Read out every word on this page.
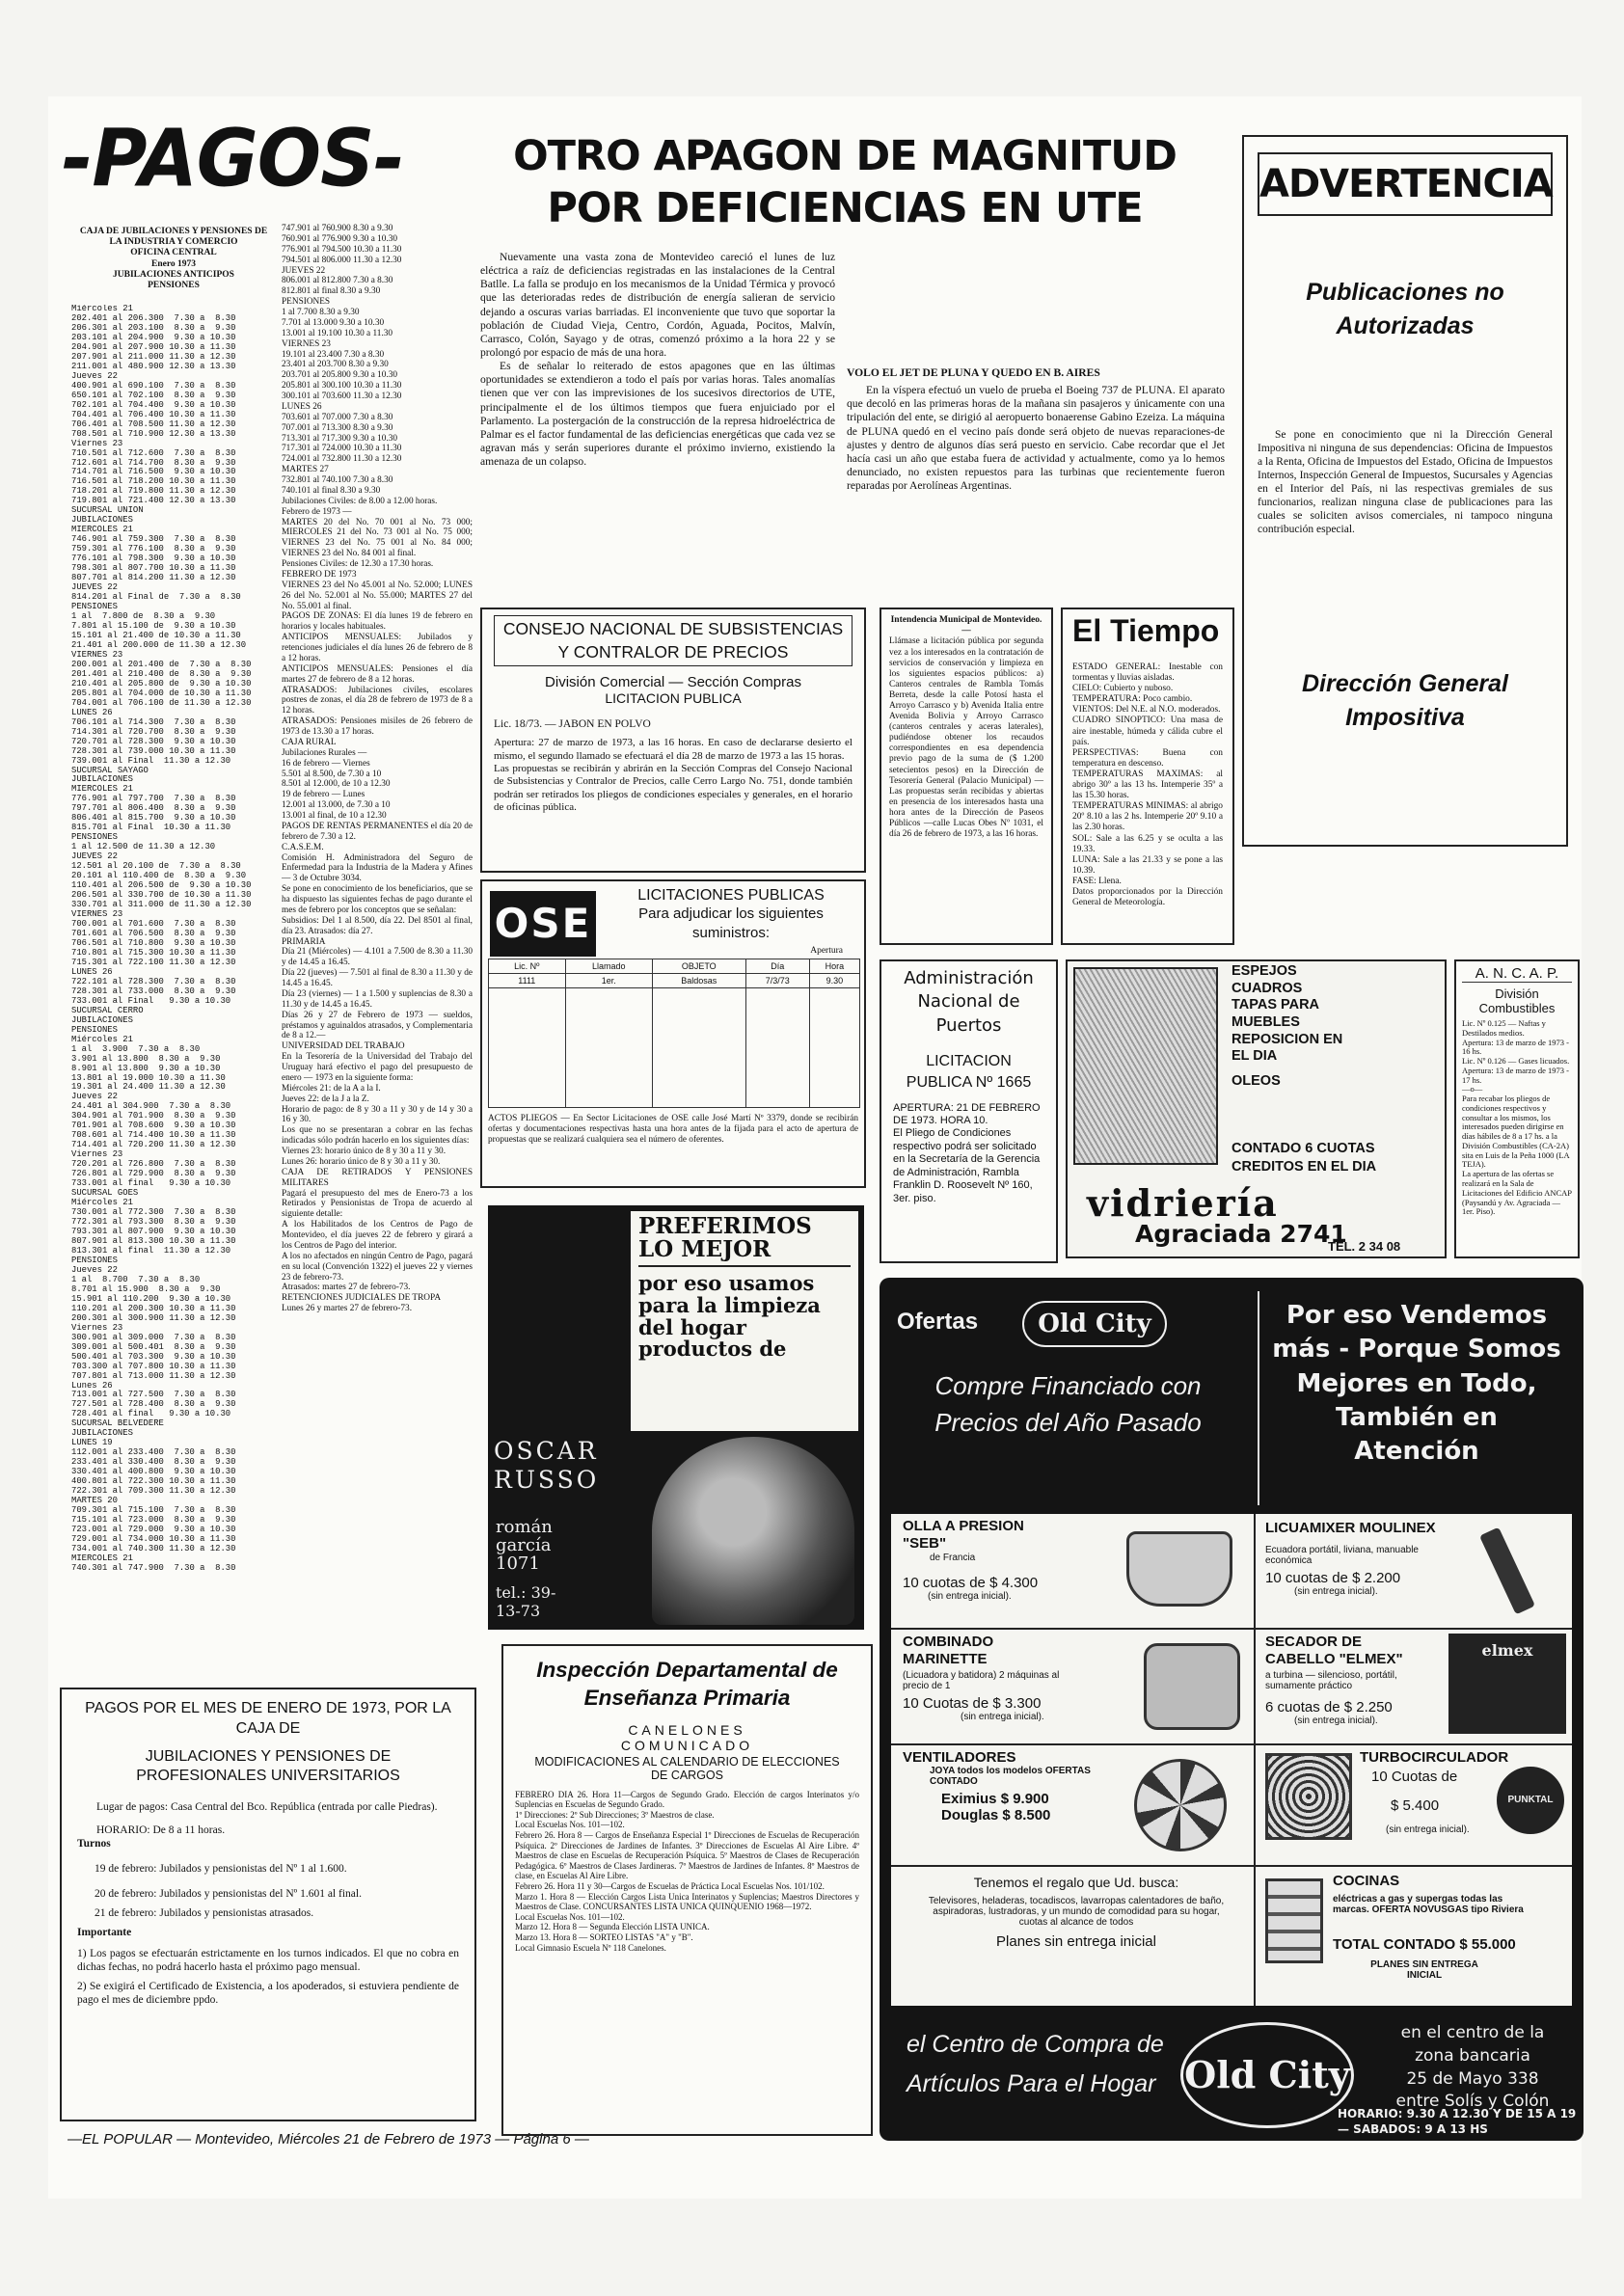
-PAGOS-
CAJA DE JUBILACIONES Y PENSIONES DE LA INDUSTRIA Y COMERCIO
OFICINA CENTRAL
Enero 1973
JUBILACIONES ANTICIPOS
PENSIONES
Miércoles 21
202.401 al 206.300  7.30 a  8.30
206.301 al 203.100  8.30 a  9.30
203.101 al 204.900  9.30 a 10.30
204.901 al 207.900 10.30 a 11.30
207.901 al 211.000 11.30 a 12.30
211.001 al 480.900 12.30 a 13.30
Jueves 22
400.901 al 690.100  7.30 a  8.30
650.101 al 702.100  8.30 a  9.30
702.101 al 704.400  9.30 a 10.30
704.401 al 706.400 10.30 a 11.30
706.401 al 708.500 11.30 a 12.30
708.501 al 710.900 12.30 a 13.30
Viernes 23
710.501 al 712.600  7.30 a  8.30
712.601 al 714.700  8.30 a  9.30
714.701 al 716.500  9.30 a 10.30
716.501 al 718.200 10.30 a 11.30
718.201 al 719.800 11.30 a 12.30
719.801 al 721.400 12.30 a 13.30
SUCURSAL UNION
JUBILACIONES
MIERCOLES 21
746.901 al 759.300  7.30 a  8.30
759.301 al 776.100  8.30 a  9.30
776.101 al 798.300  9.30 a 10.30
798.301 al 807.700 10.30 a 11.30
807.701 al 814.200 11.30 a 12.30
JUEVES 22
814.201 al Final de  7.30 a  8.30
PENSIONES
1 al  7.800 de  8.30 a  9.30
7.801 al 15.100 de  9.30 a 10.30
15.101 al 21.400 de 10.30 a 11.30
21.401 al 200.000 de 11.30 a 12.30
VIERNES 23
200.001 al 201.400 de  7.30 a  8.30
201.401 al 210.400 de  8.30 a  9.30
210.401 al 205.800 de  9.30 a 10.30
205.801 al 704.000 de 10.30 a 11.30
704.001 al 706.100 de 11.30 a 12.30
LUNES 26
706.101 al 714.300  7.30 a  8.30
714.301 al 720.700  8.30 a  9.30
720.701 al 728.300  9.30 a 10.30
728.301 al 739.000 10.30 a 11.30
739.001 al Final  11.30 a 12.30
SUCURSAL SAYAGO
JUBILACIONES
MIERCOLES 21
776.901 al 797.700  7.30 a  8.30
797.701 al 806.400  8.30 a  9.30
806.401 al 815.700  9.30 a 10.30
815.701 al Final  10.30 a 11.30
PENSIONES
1 al 12.500 de 11.30 a 12.30
JUEVES 22
12.501 al 20.100 de  7.30 a  8.30
20.101 al 110.400 de  8.30 a  9.30
110.401 al 206.500 de  9.30 a 10.30
206.501 al 330.700 de 10.30 a 11.30
330.701 al 311.000 de 11.30 a 12.30
VIERNES 23
700.001 al 701.600  7.30 a  8.30
701.601 al 706.500  8.30 a  9.30
706.501 al 710.800  9.30 a 10.30
710.801 al 715.300 10.30 a 11.30
715.301 al 722.100 11.30 a 12.30
LUNES 26
722.101 al 728.300  7.30 a  8.30
728.301 al 733.000  8.30 a  9.30
733.001 al Final   9.30 a 10.30
SUCURSAL CERRO
JUBILACIONES
PENSIONES
Miércoles 21
1 al  3.900  7.30 a  8.30
3.901 al 13.800  8.30 a  9.30
8.901 al 13.800  9.30 a 10.30
13.801 al 19.000 10.30 a 11.30
19.301 al 24.400 11.30 a 12.30
Jueves 22
24.401 al 304.900  7.30 a  8.30
304.901 al 701.900  8.30 a  9.30
701.901 al 708.600  9.30 a 10.30
708.601 al 714.400 10.30 a 11.30
714.401 al 720.200 11.30 a 12.30
Viernes 23
720.201 al 726.800  7.30 a  8.30
726.801 al 729.900  8.30 a  9.30
733.001 al final   9.30 a 10.30
SUCURSAL GOES
Miércoles 21
730.001 al 772.300  7.30 a  8.30
772.301 al 793.300  8.30 a  9.30
793.301 al 807.900  9.30 a 10.30
807.901 al 813.300 10.30 a 11.30
813.301 al final  11.30 a 12.30
PENSIONES
Jueves 22
1 al  8.700  7.30 a  8.30
8.701 al 15.900  8.30 a  9.30
15.901 al 110.200  9.30 a 10.30
110.201 al 200.300 10.30 a 11.30
200.301 al 300.900 11.30 a 12.30
Viernes 23
300.901 al 309.000  7.30 a  8.30
309.001 al 500.401  8.30 a  9.30
500.401 al 703.300  9.30 a 10.30
703.300 al 707.800 10.30 a 11.30
707.801 al 713.000 11.30 a 12.30
Lunes 26
713.001 al 727.500  7.30 a  8.30
727.501 al 728.400  8.30 a  9.30
728.401 al final   9.30 a 10.30
SUCURSAL BELVEDERE
JUBILACIONES
LUNES 19
112.001 al 233.400  7.30 a  8.30
233.401 al 330.400  8.30 a  9.30
330.401 al 400.800  9.30 a 10.30
400.801 al 722.300 10.30 a 11.30
722.301 al 709.300 11.30 a 12.30
MARTES 20
709.301 al 715.100  7.30 a  8.30
715.101 al 723.000  8.30 a  9.30
723.001 al 729.000  9.30 a 10.30
729.001 al 734.000 10.30 a 11.30
734.001 al 740.300 11.30 a 12.30
MIERCOLES 21
740.301 al 747.900  7.30 a  8.30
747.901 al 760.900 8.30 a 9.30
760.901 al 776.900 9.30 a 10.30
776.901 al 794.500 10.30 a 11.30
794.501 al 806.000 11.30 a 12.30
JUEVES 22
806.001 al 812.800 7.30 a 8.30
812.801 al final 8.30 a 9.30
PENSIONES
1 al 7.700 8.30 a 9.30
7.701 al 13.000 9.30 a 10.30
13.001 al 19.100 10.30 a 11.30
VIERNES 23
19.101 al 23.400 7.30 a 8.30
23.401 al 203.700 8.30 a 9.30
203.701 al 205.800 9.30 a 10.30
205.801 al 300.100 10.30 a 11.30
300.101 al 703.600 11.30 a 12.30
LUNES 26
703.601 al 707.000 7.30 a 8.30
707.001 al 713.300 8.30 a 9.30
713.301 al 717.300 9.30 a 10.30
717.301 al 724.000 10.30 a 11.30
724.001 al 732.800 11.30 a 12.30
MARTES 27
732.801 al 740.100 7.30 a 8.30
740.101 al final 8.30 a 9.30
Jubilaciones Civiles: de 8.00 a 12.00 horas.
Febrero de 1973 —
MARTES 20 del No. 70 001 al No. 73 000; MIERCOLES 21 del No. 73 001 al No. 75 000; VIERNES 23 del No. 75 001 al No. 84 000; VIERNES 23 del No. 84 001 al final.
Pensiones Civiles: de 12.30 a 17.30 horas.
FEBRERO DE 1973
VIERNES 23 del No 45.001 al No. 52.000; LUNES 26 del No. 52.001 al No. 55.000; MARTES 27 del No. 55.001 al final.
PAGOS DE ZONAS: El día lunes 19 de febrero en horarios y locales habituales.
ANTICIPOS MENSUALES: Jubilados y retenciones judiciales el día lunes 26 de febrero de 8 a 12 horas.
ANTICIPOS MENSUALES: Pensiones el día martes 27 de febrero de 8 a 12 horas.
ATRASADOS: Jubilaciones civiles, escolares postres de zonas, el día 28 de febrero de 1973 de 8 a 12 horas.
ATRASADOS: Pensiones misiles de 26 febrero de 1973 de 13.30 a 17 horas.
CAJA RURAL
Jubilaciones Rurales —
16 de febrero — Viernes
5.501 al 8.500, de 7.30 a 10
8.501 al 12.000, de 10 a 12.30
19 de febrero — Lunes
12.001 al 13.000, de 7.30 a 10
13.001 al final, de 10 a 12.30
PAGOS DE RENTAS PERMANENTES el día 20 de febrero de 7.30 a 12.
C.A.S.E.M.
Comisión H. Administradora del Seguro de Enfermedad para la Industria de la Madera y Afines — 3 de Octubre 3034.
Se pone en conocimiento de los beneficiarios, que se ha dispuesto las siguientes fechas de pago durante el mes de febrero por los conceptos que se señalan:
Subsidios: Del 1 al 8.500, día 22. Del 8501 al final, día 23. Atrasados: día 27.
PRIMARIA
Día 21 (Miércoles) — 4.101 a 7.500 de 8.30 a 11.30 y de 14.45 a 16.45.
Día 22 (jueves) — 7.501 al final de 8.30 a 11.30 y de 14.45 a 16.45.
Día 23 (viernes) — 1 a 1.500 y suplencias de 8.30 a 11.30 y de 14.45 a 16.45.
Días 26 y 27 de Febrero de 1973 — sueldos, préstamos y aguinaldos atrasados, y Complementaria de 8 a 12.—
UNIVERSIDAD DEL TRABAJO
En la Tesorería de la Universidad del Trabajo del Uruguay hará efectivo el pago del presupuesto de enero — 1973 en la siguiente forma:
Miércoles 21: de la A a la I.
Jueves 22: de la J a la Z.
Horario de pago: de 8 y 30 a 11 y 30 y de 14 y 30 a 16 y 30.
Los que no se presentaran a cobrar en las fechas indicadas sólo podrán hacerlo en los siguientes días:
Viernes 23: horario único de 8 y 30 a 11 y 30.
Lunes 26: horario único de 8 y 30 a 11 y 30.
CAJA DE RETIRADOS Y PENSIONES MILITARES
Pagará el presupuesto del mes de Enero-73 a los Retirados y Pensionistas de Tropa de acuerdo al siguiente detalle:
A los Habilitados de los Centros de Pago de Montevideo, el día jueves 22 de febrero y girará a los Centros de Pago del interior.
A los no afectados en ningún Centro de Pago, pagará en su local (Convención 1322) el jueves 22 y viernes 23 de febrero-73.
Atrasados: martes 27 de febrero-73.
RETENCIONES JUDICIALES DE TROPA
Lunes 26 y martes 27 de febrero-73.
PAGOS POR EL MES DE ENERO DE 1973, POR LA CAJA DE
JUBILACIONES Y PENSIONES DE PROFESIONALES UNIVERSITARIOS
Lugar de pagos: Casa Central del Bco. República (entrada por calle Piedras).
HORARIO: De 8 a 11 horas.
Turnos
19 de febrero: Jubilados y pensionistas del Nº 1 al 1.600.
20 de febrero: Jubilados y pensionistas del Nº 1.601 al final.
21 de febrero: Jubilados y pensionistas atrasados.
Importante
1) Los pagos se efectuarán estrictamente en los turnos indicados. El que no cobra en dichas fechas, no podrá hacerlo hasta el próximo pago mensual.
2) Se exigirá el Certificado de Existencia, a los apoderados, si estuviera pendiente de pago el mes de diciembre ppdo.
—EL POPULAR — Montevideo, Miércoles 21 de Febrero de 1973 — Página 6 —
OTRO APAGON DE MAGNITUD
POR DEFICIENCIAS EN UTE

Nuevamente una vasta zona de Montevideo careció el lunes de luz eléctrica a raíz de deficiencias registradas en las instalaciones de la Central Batlle. La falla se produjo en los mecanismos de la Unidad Térmica y provocó que las deterioradas redes de distribución de energía salieran de servicio dejando a oscuras varias barriadas. El inconveniente que tuvo que soportar la población de Ciudad Vieja, Centro, Cordón, Aguada, Pocitos, Malvín, Carrasco, Colón, Sayago y de otras, comenzó próximo a la hora 22 y se prolongó por espacio de más de una hora.

Es de señalar lo reiterado de estos apagones que en las últimas oportunidades se extendieron a todo el país por varias horas. Tales anomalías tienen que ver con las imprevisiones de los sucesivos directorios de UTE, principalmente el de los últimos tiempos que fuera enjuiciado por el Parlamento. La postergación de la construcción de la represa hidroeléctrica de Palmar es el factor fundamental de las deficiencias energéticas que cada vez se agravan más y serán superiores durante el próximo invierno, existiendo la amenaza de un colapso.

VOLO EL JET DE PLUNA Y QUEDO EN B. AIRES

En la víspera efectuó un vuelo de prueba el Boeing 737 de PLUNA. El aparato que decoló en las primeras horas de la mañana sin pasajeros y únicamente con una tripulación del ente, se dirigió al aeropuerto bonaerense Gabino Ezeiza. La máquina de PLUNA quedó en el vecino país donde será objeto de nuevas reparaciones-de ajustes y dentro de algunos días será puesto en servicio. Cabe recordar que el Jet hacía casi un año que estaba fuera de actividad y actualmente, como ya lo hemos denunciado, no existen repuestos para las turbinas que recientemente fueron reparadas por Aerolíneas Argentinas.

ADVERTENCIA
Publicaciones no Autorizadas
Se pone en conocimiento que ni la Dirección General Impositiva ni ninguna de sus dependencias: Oficina de Impuestos a la Renta, Oficina de Impuestos del Estado, Oficina de Impuestos Internos, Inspección General de Impuestos, Sucursales y Agencias en el Interior del País, ni las respectivas gremiales de sus funcionarios, realizan ninguna clase de publicaciones para las cuales se soliciten avisos comerciales, ni tampoco ninguna contribución especial.
Dirección General Impositiva
CONSEJO NACIONAL DE SUBSISTENCIAS Y CONTRALOR DE PRECIOS
División Comercial — Sección Compras
LICITACION PUBLICA
Lic. 18/73. — JABON EN POLVO
Apertura: 27 de marzo de 1973, a las 16 horas. En caso de declararse desierto el mismo, el segundo llamado se efectuará el día 28 de marzo de 1973 a las 15 horas.
Las propuestas se recibirán y abrirán en la Sección Compras del Consejo Nacional de Subsistencias y Contralor de Precios, calle Cerro Largo No. 751, donde también podrán ser retirados los pliegos de condiciones especiales y generales, en el horario de oficinas pública.
Intendencia Municipal de Montevideo.—
Llámase a licitación pública por segunda vez a los interesados en la contratación de servicios de conservación y limpieza en los siguientes espacios públicos: a) Canteros centrales de Rambla Tomás Berreta, desde la calle Potosí hasta el Arroyo Carrasco y b) Avenida Italia entre Avenida Bolivia y Arroyo Carrasco (canteros centrales y aceras laterales), pudiéndose obtener los recaudos correspondientes en esa dependencia previo pago de la suma de ($ 1.200 setecientos pesos) en la Dirección de Tesorería General (Palacio Municipal) — Las propuestas serán recibidas y abiertas en presencia de los interesados hasta una hora antes de la Dirección de Paseos Públicos —calle Lucas Obes Nº 1031, el día 26 de febrero de 1973, a las 16 horas.
El Tiempo
ESTADO GENERAL: Inestable con tormentas y lluvias aisladas.
CIELO: Cubierto y nuboso.
TEMPERATURA: Poco cambio.
VIENTOS: Del N.E. al N.O. moderados.
CUADRO SINOPTICO: Una masa de aire inestable, húmeda y cálida cubre el país.
PERSPECTIVAS: Buena con temperatura en descenso.
TEMPERATURAS MAXIMAS: al abrigo 30º a las 13 hs. Intemperie 35º a las 15.30 horas.
TEMPERATURAS MINIMAS: al abrigo 20º 8.10 a las 2 hs. Intemperie 20º 9.10 a las 2.30 horas.
SOL: Sale a las 6.25 y se oculta a las 19.33.
LUNA: Sale a las 21.33 y se pone a las 10.39.
FASE: Llena.
Datos proporcionados por la Dirección General de Meteorología.
OSE
LICITACIONES PUBLICAS
Para adjudicar los siguientes suministros:
Apertura
Lic. Nº	Llamado	OBJETO	Día	Hora
1111	1er.	Baldosas	7/3/73	9.30

ACTOS PLIEGOS — En Sector Licitaciones de OSE calle José Martí Nº 3379, donde se recibirán ofertas y documentaciones respectivas hasta una hora antes de la fijada para el acto de apertura de propuestas que se realizará cualquiera sea el número de oferentes.
Administración Nacional de Puertos
LICITACION PUBLICA Nº 1665
APERTURA: 21 DE FEBRERO DE 1973. HORA 10.
El Pliego de Condiciones respectivo podrá ser solicitado en la Secretaría de la Gerencia de Administración, Rambla Franklin D. Roosevelt Nº 160, 3er. piso.
ESPEJOS
CUADROS
TAPAS PARA
MUEBLES
REPOSICION EN
EL DIA
OLEOS
CONTADO 6 CUOTAS CREDITOS EN EL DIA
vidriería
Agraciada 2741
TEL. 2 34 08
A. N. C. A. P.
División Combustibles
Lic. Nº 0.125 — Naftas y Destilados medios.
Apertura: 13 de marzo de 1973 - 16 hs.
Lic. Nº 0.126 — Gases licuados.
Apertura: 13 de marzo de 1973 - 17 hs.
—o—
Para recabar los pliegos de condiciones respectivos y consultar a los mismos, los interesados pueden dirigirse en días hábiles de 8 a 17 hs. a la División Combustibles (CA-2A) sita en Luis de la Peña 1000 (LA TEJA).
La apertura de las ofertas se realizará en la Sala de Licitaciones del Edificio ANCAP (Paysandú y Av. Agraciada — 1er. Piso).
PREFERIMOS LO MEJOR
por eso usamos para la limpieza del hogar productos de
OSCAR RUSSO
román garcía 1071
tel.: 39-13-73
Inspección Departamental de Enseñanza Primaria
CANELONES
COMUNICADO
MODIFICACIONES AL CALENDARIO DE ELECCIONES DE CARGOS
FEBRERO DIA 26. Hora 11—Cargos de Segundo Grado. Elección de cargos Interinatos y/o Suplencias en Escuelas de Segundo Grado.
1º Direcciones: 2º Sub Direcciones; 3º Maestros de clase.
Local Escuelas Nos. 101—102.
Febrero 26. Hora 8 — Cargos de Enseñanza Especial 1º Direcciones de Escuelas de Recuperación Psíquica. 2º Direcciones de Jardines de Infantes. 3º Direcciones de Escuelas Al Aire Libre. 4º Maestros de clase en Escuelas de Recuperación Psíquica. 5º Maestros de Clases de Recuperación Pedagógica. 6º Maestros de Clases Jardineras. 7º Maestros de Jardines de Infantes. 8º Maestros de clase, en Escuelas Al Aire Libre.
Febrero 26. Hora 11 y 30—Cargos de Escuelas de Práctica Local Escuelas Nos. 101/102.
Marzo 1. Hora 8 — Elección Cargos Lista Unica Interinatos y Suplencias; Maestros Directores y Maestros de Clase. CONCURSANTES LISTA UNICA QUINQUENIO 1968—1972.
Local Escuelas Nos. 101—102.
Marzo 12. Hora 8 — Segunda Elección LISTA UNICA.
Marzo 13. Hora 8 — SORTEO LISTAS "A" y "B".
Local Gimnasio Escuela Nº 118 Canelones.
Ofertas	Old City
Compre Financiado con Precios del Año Pasado
Por eso Vendemos más - Porque Somos Mejores en Todo, También en Atención
OLLA A PRESION "SEB"
de Francia
10 cuotas de $ 4.300
(sin entrega inicial).
LICUAMIXER MOULINEX
Ecuadora portátil, liviana, manuable económica
10 cuotas de $ 2.200
(sin entrega inicial).
COMBINADO MARINETTE
(Licuadora y batidora) 2 máquinas al precio de 1
10 Cuotas de $ 3.300
(sin entrega inicial).
SECADOR DE CABELLO "ELMEX"
a turbina — silencioso, portátil, sumamente práctico
6 cuotas de $ 2.250
(sin entrega inicial).
elmex
VENTILADORES
JOYA todos los modelos OFERTAS CONTADO
Eximius $ 9.900
Douglas $ 8.500
TURBOCIRCULADOR
10 Cuotas de
$ 5.400
(sin entrega inicial).
PUNKTAL
Tenemos el regalo que Ud. busca:
Televisores, heladeras, tocadiscos, lavarropas calentadores de baño, aspiradoras, lustradoras, y un mundo de comodidad para su hogar, cuotas al alcance de todos
Planes sin entrega inicial
COCINAS
eléctricas a gas y supergas todas las marcas. OFERTA NOVUSGAS tipo Riviera
TOTAL CONTADO $ 55.000
PLANES SIN ENTREGA INICIAL
el Centro de Compra de Artículos Para el Hogar Old City
en el centro de la zona bancaria
25 de Mayo 338
entre Solís y Colón
HORARIO: 9.30 A 12.30 Y DE 15 A 19 — SABADOS: 9 A 13 HS
